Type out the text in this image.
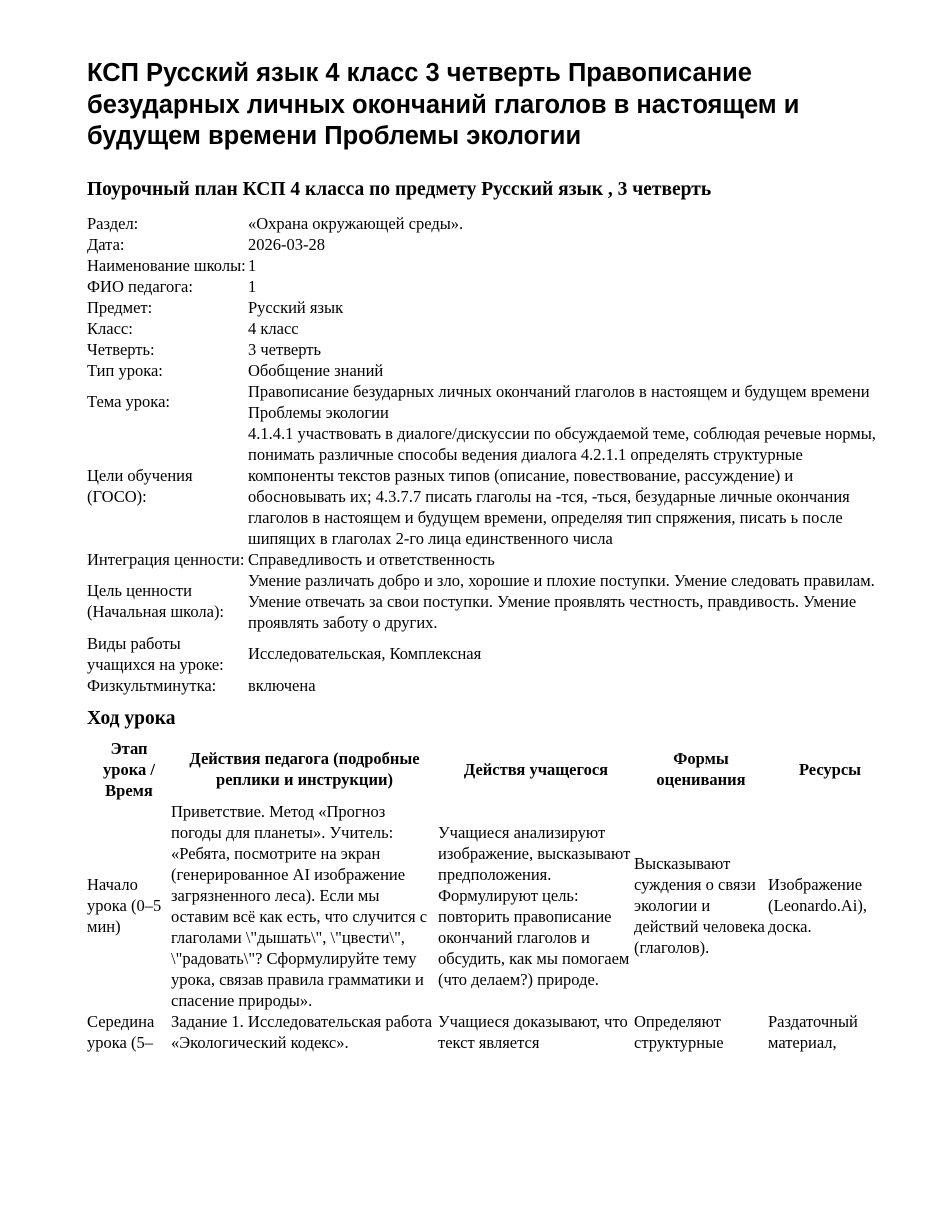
КСП Русский язык 4 класс 3 четверть Правописание безударных личных окончаний глаголов в настоящем и будущем времени Проблемы экологии
Поурочный план КСП 4 класса по предмету Русский язык , 3 четверть
Раздел:	«Охрана окружающей среды».
Дата:	2026-03-28
Наименование школы:	1
ФИО педагога:	1
Предмет:	Русский язык
Класс:	4 класс
Четверть:	3 четверть
Тип урока:	Обобщение знаний
Тема урока:	Правописание безударных личных окончаний глаголов в настоящем и будущем времени Проблемы экологии
Цели обучения (ГОСО):	4.1.4.1 участвовать в диалоге/дискуссии по обсуждаемой теме, соблюдая речевые нормы, понимать различные способы ведения диалога 4.2.1.1 определять структурные компоненты текстов разных типов (описание, повествование, рассуждение) и обосновывать их; 4.3.7.7 писать глаголы на -тся, -ться, безударные личные окончания глаголов в настоящем и будущем времени, определяя тип спряжения, писать ь после шипящих в глаголах 2-го лица единственного числа
Интеграция ценности:	Справедливость и ответственность
Цель ценности (Начальная школа):	Умение различать добро и зло, хорошие и плохие поступки. Умение следовать правилам. Умение отвечать за свои поступки. Умение проявлять честность, правдивость. Умение проявлять заботу о других.
Виды работы учащихся на уроке:	Исследовательская, Комплексная
Физкультминутка:	включена
Ход урока
Этап урока / Время	Действия педагога (подробные реплики и инструкции)	Действя учащегося	Формы оценивания	Ресурсы
Начало урока (0–5 мин)	Приветствие. Метод «Прогноз погоды для планеты». Учитель: «Ребята, посмотрите на экран (генерированное AI изображение загрязненного леса). Если мы оставим всё как есть, что случится с глаголами \"дышать\", \"цвести\", \"радовать\"? Сформулируйте тему урока, связав правила грамматики и спасение природы».	Учащиеся анализируют изображение, высказывают предположения. Формулируют цель: повторить правописание окончаний глаголов и обсудить, как мы помогаем (что делаем?) природе.	Высказывают суждения о связи экологии и действий человека (глаголов).	Изображение (Leonardo.Ai), доска.
Середина урока (5–	Задание 1. Исследовательская работа «Экологический кодекс».	Учащиеся доказывают, что текст является	Определяют структурные	Раздаточный материал,
